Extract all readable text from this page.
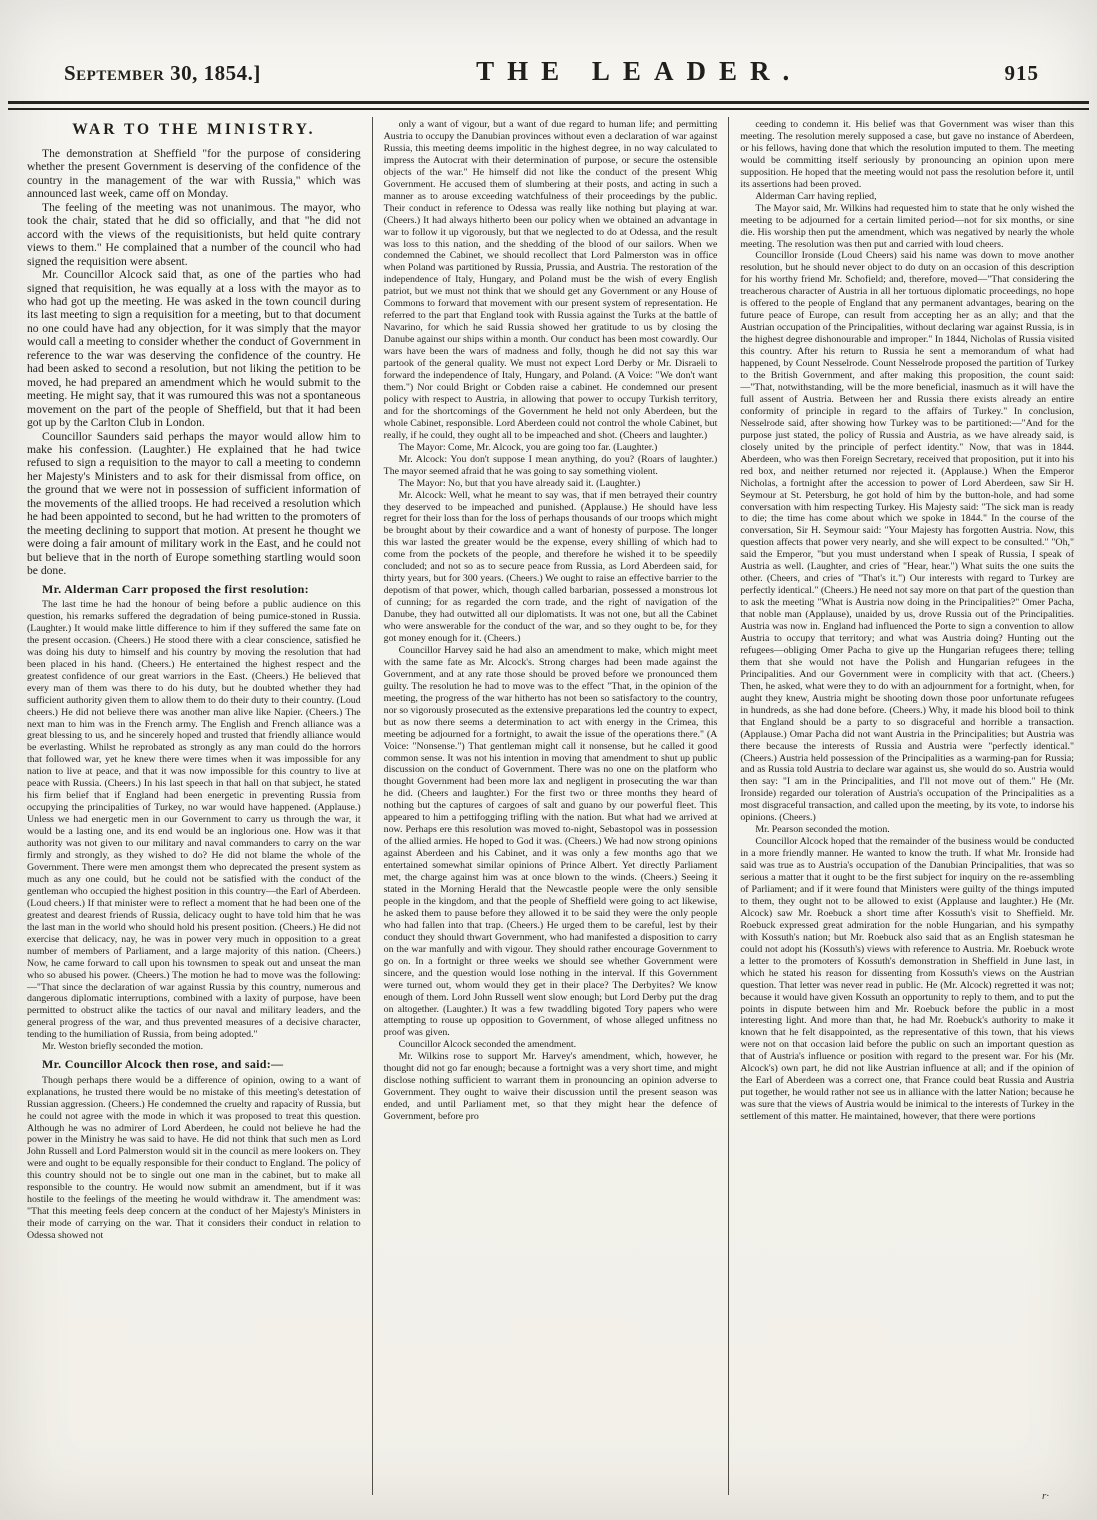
September 30, 1854.]	THE LEADER.	915
WAR TO THE MINISTRY.

The demonstration at Sheffield "for the purpose of considering whether the present Government is deserving of the confidence of the country in the management of the war with Russia," which was announced last week, came off on Monday.

The feeling of the meeting was not unanimous. The mayor, who took the chair, stated that he did so officially, and that "he did not accord with the views of the requisitionists, but held quite contrary views to them." He complained that a number of the council who had signed the requisition were absent.

Mr. Councillor Alcock said that, as one of the parties who had signed that requisition, he was equally at a loss with the mayor as to who had got up the meeting. He was asked in the town council during its last meeting to sign a requisition for a meeting, but to that document no one could have had any objection, for it was simply that the mayor would call a meeting to consider whether the conduct of Government in reference to the war was deserving the confidence of the country. He had been asked to second a resolution, but not liking the petition to be moved, he had prepared an amendment which he would submit to the meeting. He might say, that it was rumoured this was not a spontaneous movement on the part of the people of Sheffield, but that it had been got up by the Carlton Club in London.

Councillor Saunders said perhaps the mayor would allow him to make his confession. (Laughter.) He explained that he had twice refused to sign a requisition to the mayor to call a meeting to condemn her Majesty's Ministers and to ask for their dismissal from office, on the ground that we were not in possession of sufficient information of the movements of the allied troops. He had received a resolution which he had been appointed to second, but he had written to the promoters of the meeting declining to support that motion. At present he thought we were doing a fair amount of military work in the East, and he could not but believe that in the north of Europe something startling would soon be done.

Mr. Alderman Carr proposed the first resolution:

The last time he had the honour of being before a public audience on this question, his remarks suffered the degradation of being pumice-stoned in Russia. (Laughter.) It would make little difference to him if they suffered the same fate on the present occasion. (Cheers.) He stood there with a clear conscience, satisfied he was doing his duty to himself and his country by moving the resolution that had been placed in his hand. (Cheers.) He entertained the highest respect and the greatest confidence of our great warriors in the East. (Cheers.) He believed that every man of them was there to do his duty, but he doubted whether they had sufficient authority given them to allow them to do their duty to their country. (Loud cheers.) He did not believe there was another man alive like Napier. (Cheers.) The next man to him was in the French army. The English and French alliance was a great blessing to us, and he sincerely hoped and trusted that friendly alliance would be everlasting. Whilst he reprobated as strongly as any man could do the horrors that followed war, yet he knew there were times when it was impossible for any nation to live at peace, and that it was now impossible for this country to live at peace with Russia. (Cheers.) In his last speech in that hall on that subject, he stated his firm belief that if England had been energetic in preventing Russia from occupying the principalities of Turkey, no war would have happened. (Applause.) Unless we had energetic men in our Government to carry us through the war, it would be a lasting one, and its end would be an inglorious one. How was it that authority was not given to our military and naval commanders to carry on the war firmly and strongly, as they wished to do? He did not blame the whole of the Government. There were men amongst them who deprecated the present system as much as any one could, but he could not be satisfied with the conduct of the gentleman who occupied the highest position in this country—the Earl of Aberdeen. (Loud cheers.) If that minister were to reflect a moment that he had been one of the greatest and dearest friends of Russia, delicacy ought to have told him that he was the last man in the world who should hold his present position. (Cheers.) He did not exercise that delicacy, nay, he was in power very much in opposition to a great number of members of Parliament, and a large majority of this nation. (Cheers.) Now, he came forward to call upon his townsmen to speak out and unseat the man who so abused his power. (Cheers.) The motion he had to move was the following:—"That since the declaration of war against Russia by this country, numerous and dangerous diplomatic interruptions, combined with a laxity of purpose, have been permitted to obstruct alike the tactics of our naval and military leaders, and the general progress of the war, and thus prevented measures of a decisive character, tending to the humiliation of Russia, from being adopted."

Mr. Weston briefly seconded the motion.

Mr. Councillor Alcock then rose, and said:—

Though perhaps there would be a difference of opinion, owing to a want of explanations, he trusted there would be no mistake of this meeting's detestation of Russian aggression. (Cheers.) He condemned the cruelty and rapacity of Russia, but he could not agree with the mode in which it was proposed to treat this question. Although he was no admirer of Lord Aberdeen, he could not believe he had the power in the Ministry he was said to have. He did not think that such men as Lord John Russell and Lord Palmerston would sit in the council as mere lookers on. They were and ought to be equally responsible for their conduct to England. The policy of this country should not be to single out one man in the cabinet, but to make all responsible to the country. He would now submit an amendment, but if it was hostile to the feelings of the meeting he would withdraw it. The amendment was: "That this meeting feels deep concern at the conduct of her Majesty's Ministers in their mode of carrying on the war. That it considers their conduct in relation to Odessa showed not

only a want of vigour, but a want of due regard to human life; and permitting Austria to occupy the Danubian provinces without even a declaration of war against Russia, this meeting deems impolitic in the highest degree, in no way calculated to impress the Autocrat with their determination of purpose, or secure the ostensible objects of the war." He himself did not like the conduct of the present Whig Government. He accused them of slumbering at their posts, and acting in such a manner as to arouse exceeding watchfulness of their proceedings by the public. Their conduct in reference to Odessa was really like nothing but playing at war. (Cheers.) It had always hitherto been our policy when we obtained an advantage in war to follow it up vigorously, but that we neglected to do at Odessa, and the result was loss to this nation, and the shedding of the blood of our sailors. When we condemned the Cabinet, we should recollect that Lord Palmerston was in office when Poland was partitioned by Russia, Prussia, and Austria. The restoration of the independence of Italy, Hungary, and Poland must be the wish of every English patriot, but we must not think that we should get any Government or any House of Commons to forward that movement with our present system of representation. He referred to the part that England took with Russia against the Turks at the battle of Navarino, for which he said Russia showed her gratitude to us by closing the Danube against our ships within a month. Our conduct has been most cowardly. Our wars have been the wars of madness and folly, though he did not say this war partook of the general quality. We must not expect Lord Derby or Mr. Disraeli to forward the independence of Italy, Hungary, and Poland. (A Voice: "We don't want them.") Nor could Bright or Cobden raise a cabinet. He condemned our present policy with respect to Austria, in allowing that power to occupy Turkish territory, and for the shortcomings of the Government he held not only Aberdeen, but the whole Cabinet, responsible. Lord Aberdeen could not control the whole Cabinet, but really, if he could, they ought all to be impeached and shot. (Cheers and laughter.)

The Mayor: Come, Mr. Alcock, you are going too far. (Laughter.)

Mr. Alcock: You don't suppose I mean anything, do you? (Roars of laughter.) The mayor seemed afraid that he was going to say something violent.

The Mayor: No, but that you have already said it. (Laughter.)

Mr. Alcock: Well, what he meant to say was, that if men betrayed their country they deserved to be impeached and punished. (Applause.) He should have less regret for their loss than for the loss of perhaps thousands of our troops which might be brought about by their cowardice and a want of honesty of purpose. The longer this war lasted the greater would be the expense, every shilling of which had to come from the pockets of the people, and therefore he wished it to be speedily concluded; and not so as to secure peace from Russia, as Lord Aberdeen said, for thirty years, but for 300 years. (Cheers.) We ought to raise an effective barrier to the depotism of that power, which, though called barbarian, possessed a monstrous lot of cunning; for as regarded the corn trade, and the right of navigation of the Danube, they had outwitted all our diplomatists. It was not one, but all the Cabinet who were answerable for the conduct of the war, and so they ought to be, for they got money enough for it. (Cheers.)

Councillor Harvey said he had also an amendment to make, which might meet with the same fate as Mr. Alcock's. Strong charges had been made against the Government, and at any rate those should be proved before we pronounced them guilty. The resolution he had to move was to the effect "That, in the opinion of the meeting, the progress of the war hitherto has not been so satisfactory to the country, nor so vigorously prosecuted as the extensive preparations led the country to expect, but as now there seems a determination to act with energy in the Crimea, this meeting be adjourned for a fortnight, to await the issue of the operations there." (A Voice: "Nonsense.") That gentleman might call it nonsense, but he called it good common sense. It was not his intention in moving that amendment to shut up public discussion on the conduct of Government. There was no one on the platform who thought Government had been more lax and negligent in prosecuting the war than he did. (Cheers and laughter.) For the first two or three months they heard of nothing but the captures of cargoes of salt and guano by our powerful fleet. This appeared to him a pettifogging trifling with the nation. But what had we arrived at now. Perhaps ere this resolution was moved to-night, Sebastopol was in possession of the allied armies. He hoped to God it was. (Cheers.) We had now strong opinions against Aberdeen and his Cabinet, and it was only a few months ago that we entertained somewhat similar opinions of Prince Albert. Yet directly Parliament met, the charge against him was at once blown to the winds. (Cheers.) Seeing it stated in the Morning Herald that the Newcastle people were the only sensible people in the kingdom, and that the people of Sheffield were going to act likewise, he asked them to pause before they allowed it to be said they were the only people who had fallen into that trap. (Cheers.) He urged them to be careful, lest by their conduct they should thwart Government, who had manifested a disposition to carry on the war manfully and with vigour. They should rather encourage Government to go on. In a fortnight or three weeks we should see whether Government were sincere, and the question would lose nothing in the interval. If this Government were turned out, whom would they get in their place? The Derbyites? We know enough of them. Lord John Russell went slow enough; but Lord Derby put the drag on altogether. (Laughter.) It was a few twaddling bigoted Tory papers who were attempting to rouse up opposition to Government, of whose alleged unfitness no proof was given.

Councillor Alcock seconded the amendment.

Mr. Wilkins rose to support Mr. Harvey's amendment, which, however, he thought did not go far enough; because a fortnight was a very short time, and might disclose nothing sufficient to warrant them in pronouncing an opinion adverse to Government. They ought to waive their discussion until the present season was ended, and until Parliament met, so that they might hear the defence of Government, before pro

ceeding to condemn it. His belief was that Government was wiser than this meeting. The resolution merely supposed a case, but gave no instance of Aberdeen, or his fellows, having done that which the resolution imputed to them. The meeting would be committing itself seriously by pronouncing an opinion upon mere supposition. He hoped that the meeting would not pass the resolution before it, until its assertions had been proved.

Alderman Carr having replied,

The Mayor said, Mr. Wilkins had requested him to state that he only wished the meeting to be adjourned for a certain limited period—not for six months, or sine die. His worship then put the amendment, which was negatived by nearly the whole meeting. The resolution was then put and carried with loud cheers.

Councillor Ironside (Loud Cheers) said his name was down to move another resolution, but he should never object to do duty on an occasion of this description for his worthy friend Mr. Schofield; and, therefore, moved—"That considering the treacherous character of Austria in all her tortuous diplomatic proceedings, no hope is offered to the people of England that any permanent advantages, bearing on the future peace of Europe, can result from accepting her as an ally; and that the Austrian occupation of the Principalities, without declaring war against Russia, is in the highest degree dishonourable and improper." In 1844, Nicholas of Russia visited this country. After his return to Russia he sent a memorandum of what had happened, by Count Nesselrode. Count Nesselrode proposed the partition of Turkey to the British Government, and after making this proposition, the count said:—"That, notwithstanding, will be the more beneficial, inasmuch as it will have the full assent of Austria. Between her and Russia there exists already an entire conformity of principle in regard to the affairs of Turkey." In conclusion, Nesselrode said, after showing how Turkey was to be partitioned:—"And for the purpose just stated, the policy of Russia and Austria, as we have already said, is closely united by the principle of perfect identity." Now, that was in 1844. Aberdeen, who was then Foreign Secretary, received that proposition, put it into his red box, and neither returned nor rejected it. (Applause.) When the Emperor Nicholas, a fortnight after the accession to power of Lord Aberdeen, saw Sir H. Seymour at St. Petersburg, he got hold of him by the button-hole, and had some conversation with him respecting Turkey. His Majesty said: "The sick man is ready to die; the time has come about which we spoke in 1844." In the course of the conversation, Sir H. Seymour said: "Your Majesty has forgotten Austria. Now, this question affects that power very nearly, and she will expect to be consulted." "Oh," said the Emperor, "but you must understand when I speak of Russia, I speak of Austria as well. (Laughter, and cries of "Hear, hear.") What suits the one suits the other. (Cheers, and cries of "That's it.") Our interests with regard to Turkey are perfectly identical." (Cheers.) He need not say more on that part of the question than to ask the meeting "What is Austria now doing in the Principalities?" Omer Pacha, that noble man (Applause), unaided by us, drove Russia out of the Principalities. Austria was now in. England had influenced the Porte to sign a convention to allow Austria to occupy that territory; and what was Austria doing? Hunting out the refugees—obliging Omer Pacha to give up the Hungarian refugees there; telling them that she would not have the Polish and Hungarian refugees in the Principalities. And our Government were in complicity with that act. (Cheers.) Then, he asked, what were they to do with an adjournment for a fortnight, when, for aught they knew, Austria might be shooting down those poor unfortunate refugees in hundreds, as she had done before. (Cheers.) Why, it made his blood boil to think that England should be a party to so disgraceful and horrible a transaction. (Applause.) Omar Pacha did not want Austria in the Principalities; but Austria was there because the interests of Russia and Austria were "perfectly identical." (Cheers.) Austria held possession of the Principalities as a warming-pan for Russia; and as Russia told Austria to declare war against us, she would do so. Austria would then say: "I am in the Principalities, and I'll not move out of them." He (Mr. Ironside) regarded our toleration of Austria's occupation of the Principalities as a most disgraceful transaction, and called upon the meeting, by its vote, to indorse his opinions. (Cheers.)

Mr. Pearson seconded the motion.

Councillor Alcock hoped that the remainder of the business would be conducted in a more friendly manner. He wanted to know the truth. If what Mr. Ironside had said was true as to Austria's occupation of the Danubian Principalities, that was so serious a matter that it ought to be the first subject for inquiry on the re-assembling of Parliament; and if it were found that Ministers were guilty of the things imputed to them, they ought not to be allowed to exist (Applause and laughter.) He (Mr. Alcock) saw Mr. Roebuck a short time after Kossuth's visit to Sheffield. Mr. Roebuck expressed great admiration for the noble Hungarian, and his sympathy with Kossuth's nation; but Mr. Roebuck also said that as an English statesman he could not adopt his (Kossuth's) views with reference to Austria. Mr. Roebuck wrote a letter to the promoters of Kossuth's demonstration in Sheffield in June last, in which he stated his reason for dissenting from Kossuth's views on the Austrian question. That letter was never read in public. He (Mr. Alcock) regretted it was not; because it would have given Kossuth an opportunity to reply to them, and to put the points in dispute between him and Mr. Roebuck before the public in a most interesting light. And more than that, he had Mr. Roebuck's authority to make it known that he felt disappointed, as the representative of this town, that his views were not on that occasion laid before the public on such an important question as that of Austria's influence or position with regard to the present war. For his (Mr. Alcock's) own part, he did not like Austrian influence at all; and if the opinion of the Earl of Aberdeen was a correct one, that France could beat Russia and Austria put together, he would rather not see us in alliance with the latter Nation; because he was sure that the views of Austria would be inimical to the interests of Turkey in the settlement of this matter. He maintained, however, that there were portions

r·
